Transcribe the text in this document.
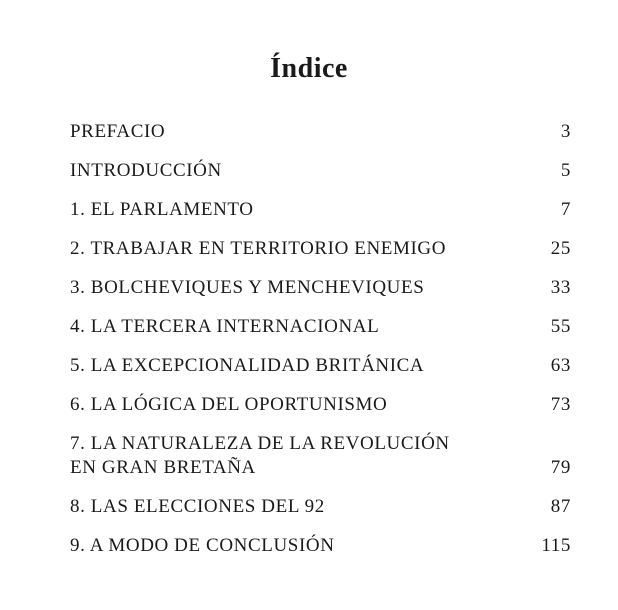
Índice
PREFACIO	3
INTRODUCCIÓN	5
1. EL PARLAMENTO	7
2. TRABAJAR EN TERRITORIO ENEMIGO	25
3. BOLCHEVIQUES Y MENCHEVIQUES	33
4. LA TERCERA INTERNACIONAL	55
5. LA EXCEPCIONALIDAD BRITÁNICA	63
6. LA LÓGICA DEL OPORTUNISMO	73
7. LA NATURALEZA DE LA REVOLUCIÓN
EN GRAN BRETAÑA	79
8. LAS ELECCIONES DEL 92	87
9. A MODO DE CONCLUSIÓN	115
